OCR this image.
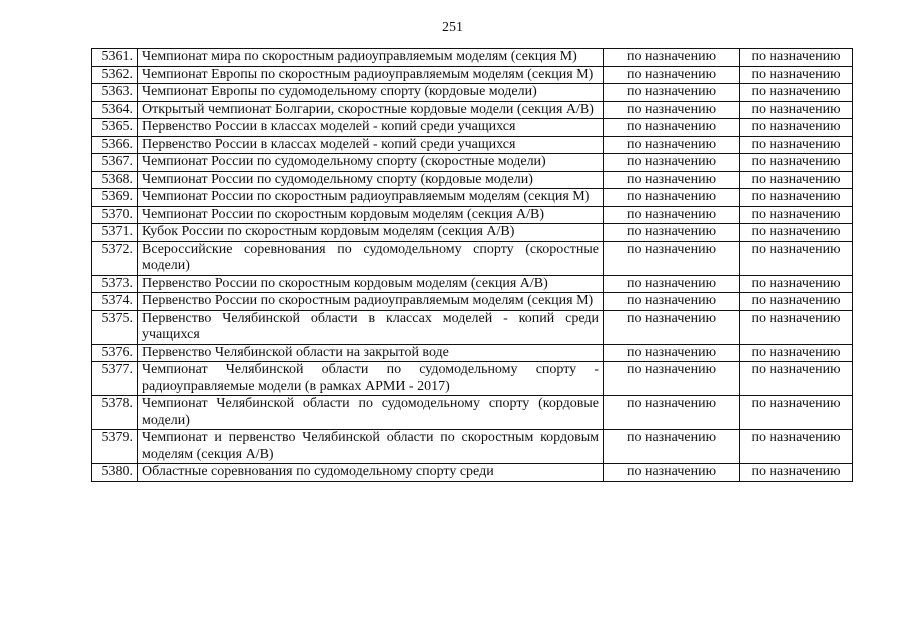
251
5361.	Чемпионат мира по скоростным радиоуправляемым моделям (секция М)	по назначению	по назначению
5362.	Чемпионат Европы по скоростным радиоуправляемым моделям (секция М)	по назначению	по назначению
5363.	Чемпионат Европы по судомодельному спорту (кордовые модели)	по назначению	по назначению
5364.	Открытый чемпионат Болгарии, скоростные кордовые модели (секция А/В)	по назначению	по назначению
5365.	Первенство России в классах моделей - копий среди учащихся	по назначению	по назначению
5366.	Первенство России в классах моделей - копий среди учащихся	по назначению	по назначению
5367.	Чемпионат России по судомодельному спорту (скоростные модели)	по назначению	по назначению
5368.	Чемпионат России по судомодельному спорту (кордовые модели)	по назначению	по назначению
5369.	Чемпионат России по скоростным радиоуправляемым моделям (секция М)	по назначению	по назначению
5370.	Чемпионат России по скоростным кордовым моделям (секция А/В)	по назначению	по назначению
5371.	Кубок России по скоростным кордовым моделям (секция А/В)	по назначению	по назначению
5372.	Всероссийские соревнования по судомодельному спорту (скоростные модели)	по назначению	по назначению
5373.	Первенство России по скоростным кордовым моделям (секция А/В)	по назначению	по назначению
5374.	Первенство России по скоростным радиоуправляемым моделям (секция М)	по назначению	по назначению
5375.	Первенство Челябинской области в классах моделей - копий среди учащихся	по назначению	по назначению
5376.	Первенство Челябинской области на закрытой воде	по назначению	по назначению
5377.	Чемпионат Челябинской области по судомодельному спорту - радиоуправляемые модели (в рамках АРМИ - 2017)	по назначению	по назначению
5378.	Чемпионат Челябинской области по судомодельному спорту (кордовые модели)	по назначению	по назначению
5379.	Чемпионат и первенство Челябинской области по скоростным кордовым моделям (секция А/В)	по назначению	по назначению
5380.	Областные соревнования по судомодельному спорту среди	по назначению	по назначению
